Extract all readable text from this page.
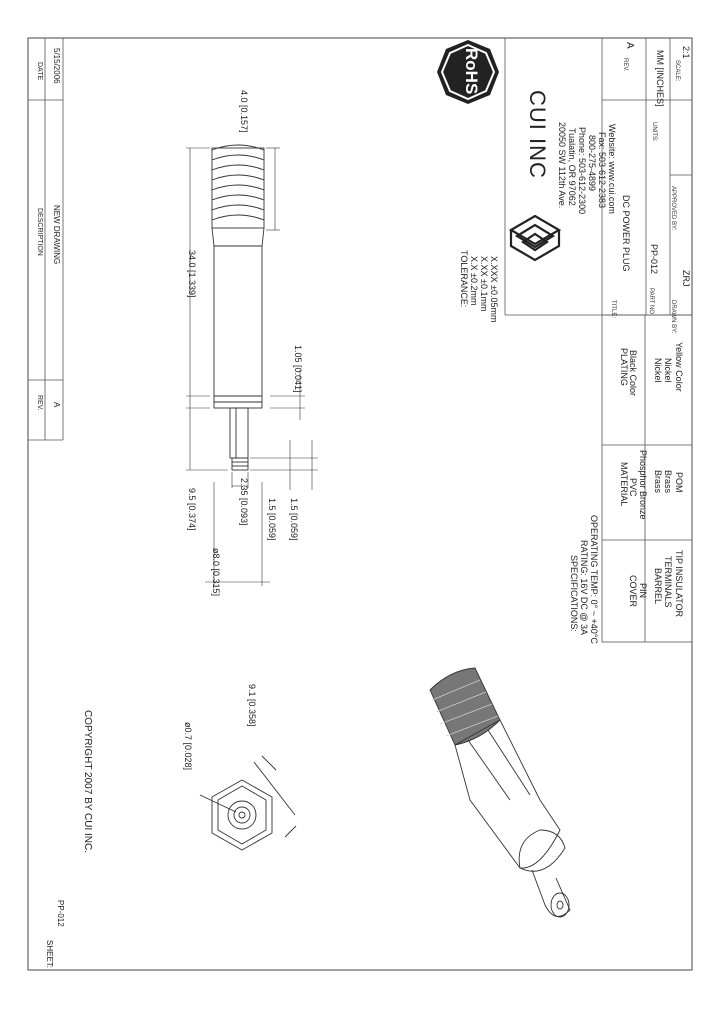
REV.
DESCRIPTION
DATE
A
NEW DRAWING
5/15/2006
SHEET:
PP-012
COPYRIGHT 2007 BY CUI INC.
RoHS
CUI INC 20050 SW 112th Ave. Tualatin, OR 97062 Phone: 503-612-2300 800-275-4899 Fax: 503-612-2383 Website: www.cui.com
REV.
A
UNITS:
MM [INCHES] SCALE:
2:1
TITLE:
DC POWER PLUG
PART NO.
PP-012
DRAWN BY:
ZRJ
APPROVED BY:
TOLERANCE: X.X ±0.2mm X.XX ±0.1mm X.XXX ±0.05mm
SPECIFICATIONS: RATING: 16V DC @ 3A OPERATING TEMP: 0° ~ +40°C
MATERIAL
PLATING
COVER
PVC
Black Color
PIN
Phosphor Bronze
BARREL
Brass
Nickel
TERMINALS
Brass
Nickel
TIP INSULATOR
POM
Yellow Color
4.0 [0.157]
34.0 [1.339]
1.05 [0.041]
9.5 [0.374]
ø8.0 [0.315]
2.35 [0.093] 1.5 [0.059] 1.5 [0.059]
ø0.7 [0.028]
9.1 [0.358]
